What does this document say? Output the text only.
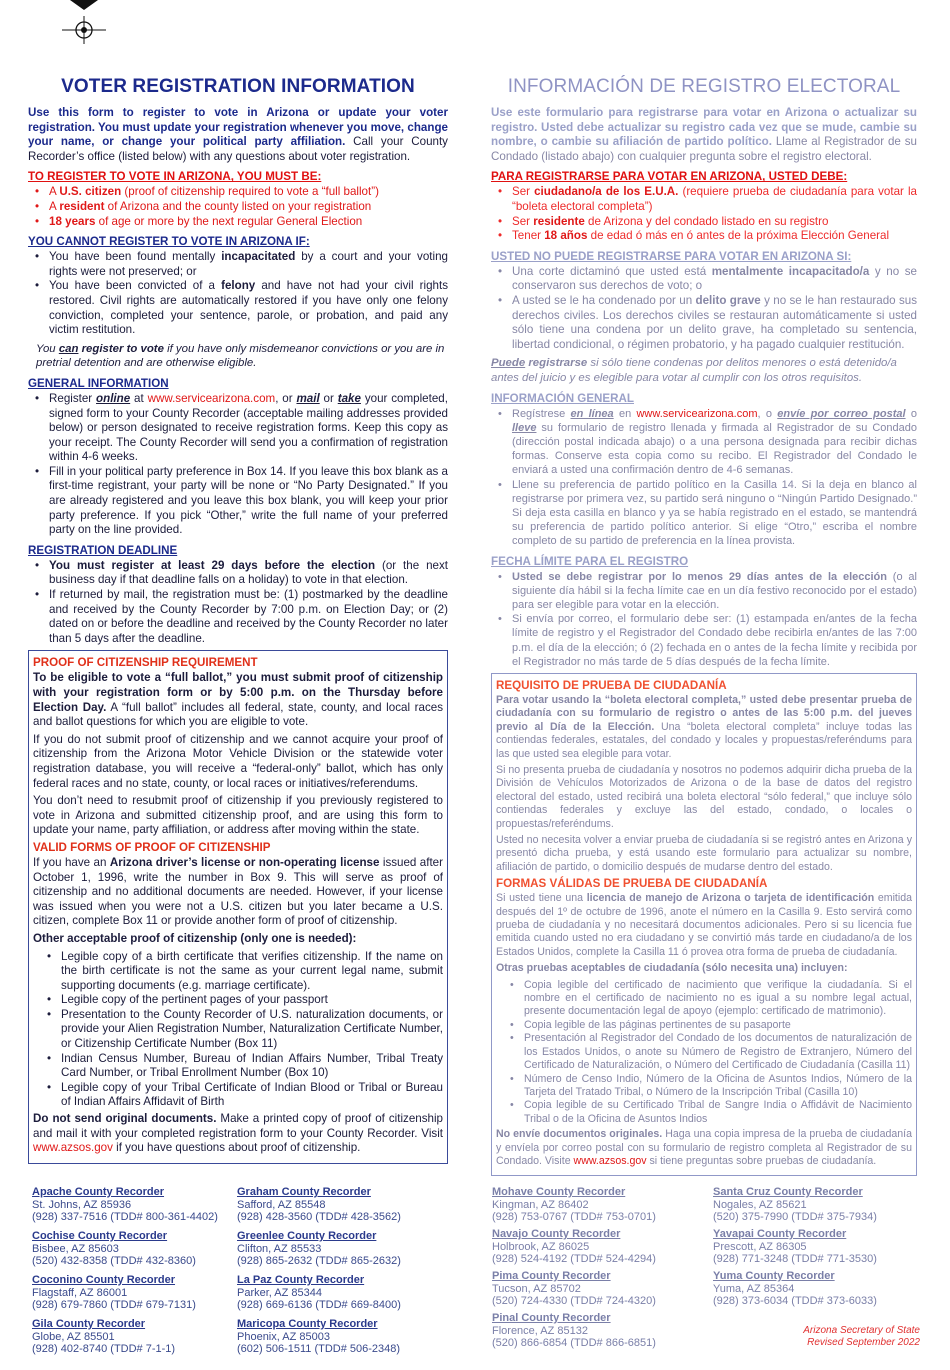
VOTER REGISTRATION INFORMATION

Use this form to register to vote in Arizona or update your voter registration. You must update your registration whenever you move, change your name, or change your political party affiliation. Call your County Recorder’s office (listed below) with any questions about voter registration.

TO REGISTER TO VOTE IN ARIZONA, YOU MUST BE:
• A U.S. citizen (proof of citizenship required to vote a “full ballot”)
• A resident of Arizona and the county listed on your registration
• 18 years of age or more by the next regular General Election
YOU CANNOT REGISTER TO VOTE IN ARIZONA IF:
• You have been found mentally incapacitated by a court and your voting rights were not preserved; or
• You have been convicted of a felony and have not had your civil rights restored. Civil rights are automatically restored if you have only one felony conviction, completed your sentence, parole, or probation, and paid any victim restitution.

You can register to vote if you have only misdemeanor convictions or you are in pretrial detention and are otherwise eligible.

GENERAL INFORMATION
• Register online at www.servicearizona.com, or mail or take your completed, signed form to your County Recorder (acceptable mailing addresses provided below) or person designated to receive registration forms. Keep this copy as your receipt. The County Recorder will send you a confirmation of registration within 4-6 weeks.
• Fill in your political party preference in Box 14. If you leave this box blank as a first-time registrant, your party will be none or “No Party Designated.” If you are already registered and you leave this box blank, you will keep your prior party preference. If you pick “Other,” write the full name of your preferred party on the line provided.
REGISTRATION DEADLINE
• You must register at least 29 days before the election (or the next business day if that deadline falls on a holiday) to vote in that election.
• If returned by mail, the registration must be: (1) postmarked by the deadline and received by the County Recorder by 7:00 p.m. on Election Day; or (2) dated on or before the deadline and received by the County Recorder no later than 5 days after the deadline.
PROOF OF CITIZENSHIP REQUIREMENT

To be eligible to vote a “full ballot,” you must submit proof of citizenship with your registration form or by 5:00 p.m. on the Thursday before Election Day. A “full ballot” includes all federal, state, county, and local races and ballot questions for which you are eligible to vote.

If you do not submit proof of citizenship and we cannot acquire your proof of citizenship from the Arizona Motor Vehicle Division or the statewide voter registration database, you will receive a “federal-only” ballot, which has only federal races and no state, county, or local races or initiatives/referendums.

You don’t need to resubmit proof of citizenship if you previously registered to vote in Arizona and submitted citizenship proof, and are using this form to update your name, party affiliation, or address after moving within the state.

VALID FORMS OF PROOF OF CITIZENSHIP

If you have an Arizona driver’s license or non-operating license issued after October 1, 1996, write the number in Box 9. This will serve as proof of citizenship and no additional documents are needed. However, if your license was issued when you were not a U.S. citizen but you later became a U.S. citizen, complete Box 11 or provide another form of proof of citizenship.

Other acceptable proof of citizenship (only one is needed):

• Legible copy of a birth certificate that verifies citizenship. If the name on the birth certificate is not the same as your current legal name, submit supporting documents (e.g. marriage certificate).
• Legible copy of the pertinent pages of your passport
• Presentation to the County Recorder of U.S. naturalization documents, or provide your Alien Registration Number, Naturalization Certificate Number, or Citizenship Certificate Number (Box 11)
• Indian Census Number, Bureau of Indian Affairs Number, Tribal Treaty Card Number, or Tribal Enrollment Number (Box 10)
• Legible copy of your Tribal Certificate of Indian Blood or Tribal or Bureau of Indian Affairs Affidavit of Birth

Do not send original documents. Make a printed copy of proof of citizenship and mail it with your completed registration form to your County Recorder. Visit www.azsos.gov if you have questions about proof of citizenship.

INFORMACIÓN DE REGISTRO ELECTORAL

Use este formulario para registrarse para votar en Arizona o actualizar su registro. Usted debe actualizar su registro cada vez que se mude, cambie su nombre, o cambie su afiliación de partido político. Llame al Registrador de su Condado (listado abajo) con cualquier pregunta sobre el registro electoral.

PARA REGISTRARSE PARA VOTAR EN ARIZONA, USTED DEBE:
• Ser ciudadano/a de los E.U.A. (requiere prueba de ciudadanía para votar la “boleta electoral completa”)
• Ser residente de Arizona y del condado listado en su registro
• Tener 18 años de edad ó más en ó antes de la próxima Elección General
USTED NO PUEDE REGISTRARSE PARA VOTAR EN ARIZONA SI:
• Una corte dictaminó que usted está mentalmente incapacitado/a y no se conservaron sus derechos de voto; o
• A usted se le ha condenado por un delito grave y no se le han restaurado sus derechos civiles. Los derechos civiles se restauran automáticamente si usted sólo tiene una condena por un delito grave, ha completado su sentencia, libertad condicional, o régimen probatorio, y ha pagado cualquier restitución.

Puede registrarse si sólo tiene condenas por delitos menores o está detenido/a antes del juicio y es elegible para votar al cumplir con los otros requisitos.

INFORMACIÓN GENERAL
• Regístrese en línea en www.servicearizona.com, o envíe por correo postal o lleve su formulario de registro llenada y firmada al Registrador de su Condado (dirección postal indicada abajo) o a una persona designada para recibir dichas formas. Conserve esta copia como su recibo. El Registrador del Condado le enviará a usted una confirmación dentro de 4-6 semanas.
• Llene su preferencia de partido político en la Casilla 14. Si la deja en blanco al registrarse por primera vez, su partido será ninguno o “Ningún Partido Designado.” Si deja esta casilla en blanco y ya se había registrado en el estado, se mantendrá su preferencia de partido político anterior. Si elige “Otro,” escriba el nombre completo de su partido de preferencia en la línea provista.
FECHA LÍMITE PARA EL REGISTRO
• Usted se debe registrar por lo menos 29 días antes de la elección (o al siguiente día hábil si la fecha límite cae en un día festivo reconocido por el estado) para ser elegible para votar en la elección.
• Si envía por correo, el formulario debe ser: (1) estampada en/antes de la fecha límite de registro y el Registrador del Condado debe recibirla en/antes de las 7:00 p.m. el día de la elección; ó (2) fechada en o antes de la fecha límite y recibida por el Registrador no más tarde de 5 días después de la fecha límite.
REQUISITO DE PRUEBA DE CIUDADANÍA

Para votar usando la “boleta electoral completa,” usted debe presentar prueba de ciudadanía con su formulario de registro o antes de las 5:00 p.m. del jueves previo al Día de la Elección. Una “boleta electoral completa” incluye todas las contiendas federales, estatales, del condado y locales y propuestas/referéndums para las que usted sea elegible para votar.

Si no presenta prueba de ciudadanía y nosotros no podemos adquirir dicha prueba de la División de Vehículos Motorizados de Arizona o de la base de datos del registro electoral del estado, usted recibirá una boleta electoral “sólo federal,” que incluye sólo contiendas federales y excluye las del estado, condado, o locales o propuestas/referéndums.

Usted no necesita volver a enviar prueba de ciudadanía si se registró antes en Arizona y presentó dicha prueba, y está usando este formulario para actualizar su nombre, afiliación de partido, o domicilio después de mudarse dentro del estado.

FORMAS VÁLIDAS DE PRUEBA DE CIUDADANÍA

Si usted tiene una licencia de manejo de Arizona o tarjeta de identificación emitida después del 1º de octubre de 1996, anote el número en la Casilla 9. Esto servirá como prueba de ciudadanía y no necesitará documentos adicionales. Pero si su licencia fue emitida cuando usted no era ciudadano y se convirtió más tarde en ciudadano/a de los Estados Unidos, complete la Casilla 11 ó provea otra forma de prueba de ciudadanía.

Otras pruebas aceptables de ciudadanía (sólo necesita una) incluyen:

• Copia legible del certificado de nacimiento que verifique la ciudadanía. Si el nombre en el certificado de nacimiento no es igual a su nombre legal actual, presente documentación legal de apoyo (ejemplo: certificado de matrimonio).
• Copia legible de las páginas pertinentes de su pasaporte
• Presentación al Registrador del Condado de los documentos de naturalización de los Estados Unidos, o anote su Número de Registro de Extranjero, Número del Certificado de Naturalización, o Número del Certificado de Ciudadanía (Casilla 11)
• Número de Censo Indio, Número de la Oficina de Asuntos Indios, Número de la Tarjeta del Tratado Tribal, o Número de la Inscripción Tribal (Casilla 10)
• Copia legible de su Certificado Tribal de Sangre India o Affidávit de Nacimiento Tribal o de la Oficina de Asuntos Indios

No envíe documentos originales. Haga una copia impresa de la prueba de ciudadanía y envíela por correo postal con su formulario de registro completa al Registrador de su Condado. Visite www.azsos.gov si tiene preguntas sobre pruebas de ciudadanía.

Apache County Recorder
St. Johns, AZ 85936
(928) 337-7516 (TDD# 800-361-4402)
Cochise County Recorder
Bisbee, AZ 85603
(520) 432-8358 (TDD# 432-8360)
Coconino County Recorder
Flagstaff, AZ 86001
(928) 679-7860 (TDD# 679-7131)
Gila County Recorder
Globe, AZ 85501
(928) 402-8740 (TDD# 7-1-1)
Graham County Recorder
Safford, AZ 85548
(928) 428-3560 (TDD# 428-3562)
Greenlee County Recorder
Clifton, AZ 85533
(928) 865-2632 (TDD# 865-2632)
La Paz County Recorder
Parker, AZ 85344
(928) 669-6136 (TDD# 669-8400)
Maricopa County Recorder
Phoenix, AZ 85003
(602) 506-1511 (TDD# 506-2348)
Mohave County Recorder
Kingman, AZ 86402
(928) 753-0767 (TDD# 753-0701)
Navajo County Recorder
Holbrook, AZ 86025
(928) 524-4192 (TDD# 524-4294)
Pima County Recorder
Tucson, AZ 85702
(520) 724-4330 (TDD# 724-4320)
Pinal County Recorder
Florence, AZ 85132
(520) 866-6854 (TDD# 866-6851)
Santa Cruz County Recorder
Nogales, AZ 85621
(520) 375-7990 (TDD# 375-7934)
Yavapai County Recorder
Prescott, AZ 86305
(928) 771-3248 (TDD# 771-3530)
Yuma County Recorder
Yuma, AZ 85364
(928) 373-6034 (TDD# 373-6033)
Arizona Secretary of State
Revised September 2022
